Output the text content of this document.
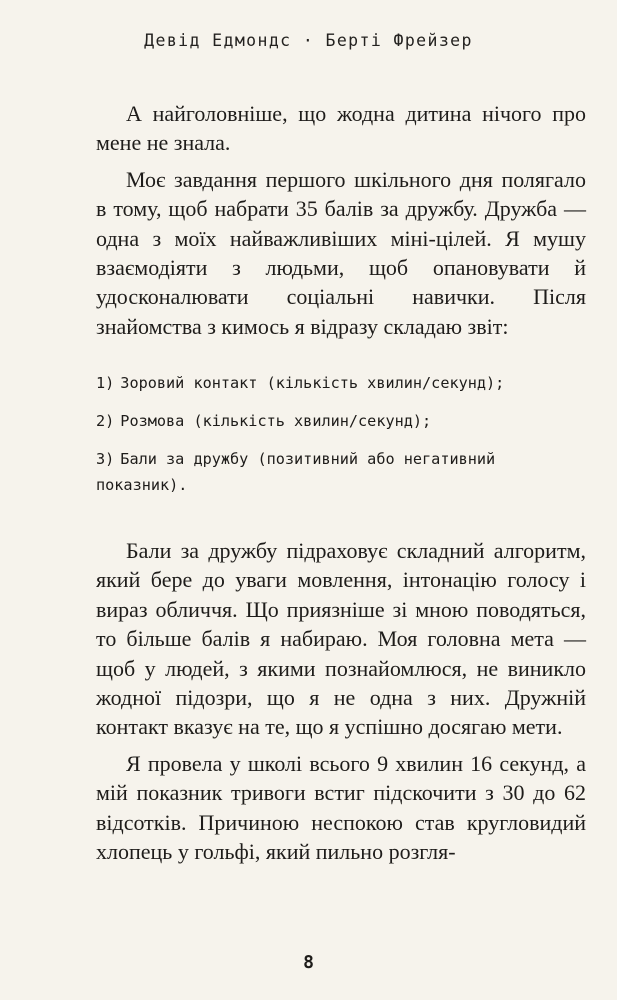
Девід Едмондс · Берті Фрейзер

А найголовніше, що жодна дитина нічого про мене не знала.

Моє завдання першого шкільного дня полягало в тому, щоб набрати 35 балів за дружбу. Дружба — одна з моїх найважливіших міні-цілей. Я мушу взаємодіяти з людьми, щоб опановувати й удосконалювати соціальні навички. Після знайомства з кимось я відразу складаю звіт:

1) Зоровий контакт (кількість хвилин/секунд);
2) Розмова (кількість хвилин/секунд);
3) Бали за дружбу (позитивний або негативний показник).

Бали за дружбу підраховує складний алгоритм, який бере до уваги мовлення, інтонацію голосу і вираз обличчя. Що приязніше зі мною поводяться, то більше балів я набираю. Моя головна мета — щоб у людей, з якими познайомлюся, не виникло жодної підозри, що я не одна з них. Дружній контакт вказує на те, що я успішно досягаю мети.

Я провела у школі всього 9 хвилин 16 секунд, а мій показник тривоги встиг підскочити з 30 до 62 відсотків. Причиною неспокою став кругловидий хлопець у гольфі, який пильно розгля-

8
